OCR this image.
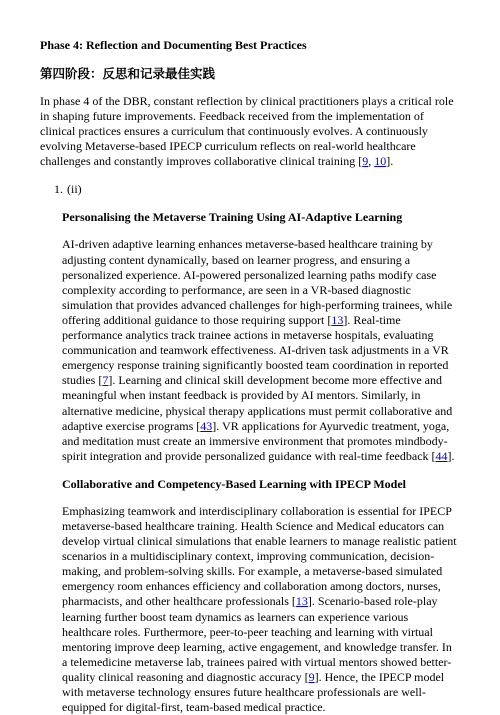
Phase 4: Reflection and Documenting Best Practices
第四阶段：反思和记录最佳实践

In phase 4 of the DBR, constant reflection by clinical practitioners plays a critical role in shaping future improvements. Feedback received from the implementation of clinical practices ensures a curriculum that continuously evolves. A continuously evolving Metaverse-based IPECP curriculum reflects on real-world healthcare challenges and constantly improves collaborative clinical training [9, 10].

1. (ii)
Personalising the Metaverse Training Using AI-Adaptive Learning

AI-driven adaptive learning enhances metaverse-based healthcare training by adjusting content dynamically, based on learner progress, and ensuring a personalized experience. AI-powered personalized learning paths modify case complexity according to performance, are seen in a VR-based diagnostic simulation that provides advanced challenges for high-performing trainees, while offering additional guidance to those requiring support [13]. Real-time performance analytics track trainee actions in metaverse hospitals, evaluating communication and teamwork effectiveness. AI-driven task adjustments in a VR emergency response training significantly boosted team coordination in reported studies [7]. Learning and clinical skill development become more effective and meaningful when instant feedback is provided by AI mentors. Similarly, in alternative medicine, physical therapy applications must permit collaborative and adaptive exercise programs [43]. VR applications for Ayurvedic treatment, yoga, and meditation must create an immersive environment that promotes mindbody-spirit integration and provide personalized guidance with real-time feedback [44].

Collaborative and Competency-Based Learning with IPECP Model

Emphasizing teamwork and interdisciplinary collaboration is essential for IPECP metaverse-based healthcare training. Health Science and Medical educators can develop virtual clinical simulations that enable learners to manage realistic patient scenarios in a multidisciplinary context, improving communication, decision-making, and problem-solving skills. For example, a metaverse-based simulated emergency room enhances efficiency and collaboration among doctors, nurses, pharmacists, and other healthcare professionals [13]. Scenario-based role-play learning further boost team dynamics as learners can experience various healthcare roles. Furthermore, peer-to-peer teaching and learning with virtual mentoring improve deep learning, active engagement, and knowledge transfer. In a telemedicine metaverse lab, trainees paired with virtual mentors showed better-quality clinical reasoning and diagnostic accuracy [9]. Hence, the IPECP model with metaverse technology ensures future healthcare professionals are well-equipped for digital-first, team-based medical practice.
